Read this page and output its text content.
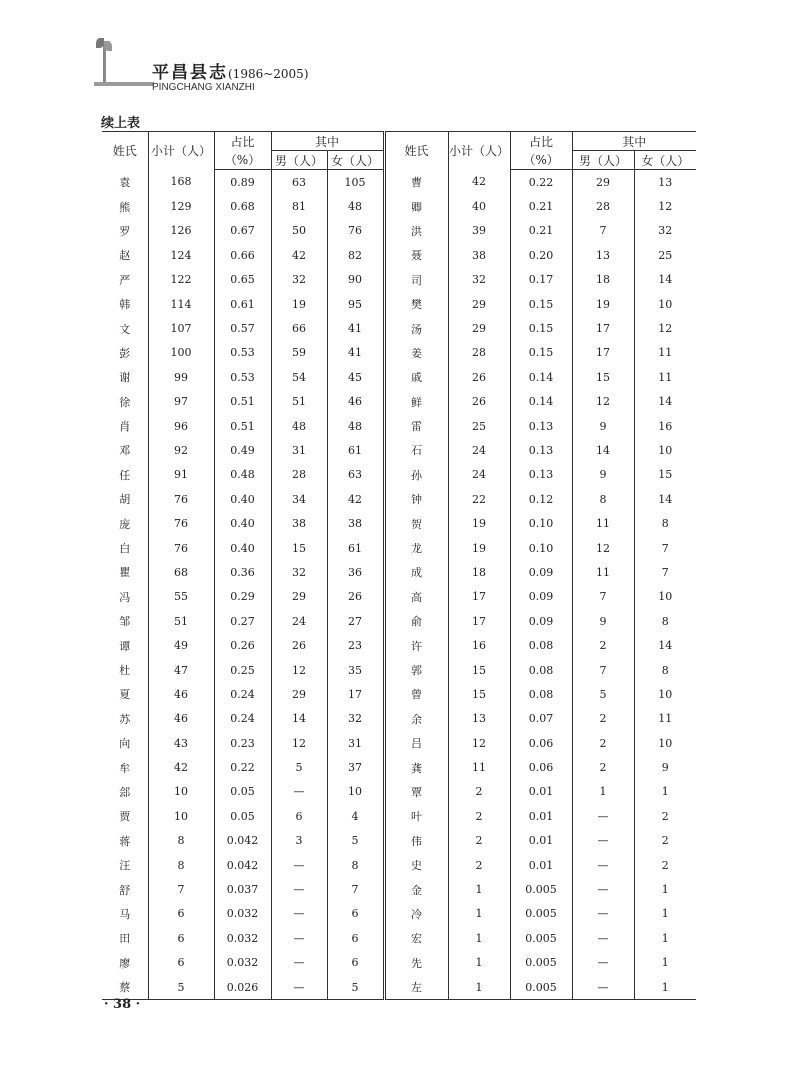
平昌县志(1986~2005)
PINGCHANG XIANZHI
续上表
姓氏	小计（人）	占比	其中		姓氏	小计（人）	占比	其中	
		（%）	男（人）	女（人）			（%）	男（人）	女（人）
袁	168	0.89	63	105	曹	42	0.22	29	13
熊	129	0.68	81	48	卿	40	0.21	28	12
罗	126	0.67	50	76	洪	39	0.21	7	32
赵	124	0.66	42	82	聂	38	0.20	13	25
严	122	0.65	32	90	司	32	0.17	18	14
韩	114	0.61	19	95	樊	29	0.15	19	10
文	107	0.57	66	41	汤	29	0.15	17	12
彭	100	0.53	59	41	姜	28	0.15	17	11
谢	99	0.53	54	45	戚	26	0.14	15	11
徐	97	0.51	51	46	鲜	26	0.14	12	14
肖	96	0.51	48	48	雷	25	0.13	9	16
邓	92	0.49	31	61	石	24	0.13	14	10
任	91	0.48	28	63	孙	24	0.13	9	15
胡	76	0.40	34	42	钟	22	0.12	8	14
庞	76	0.40	38	38	贺	19	0.10	11	8
白	76	0.40	15	61	龙	19	0.10	12	7
瞿	68	0.36	32	36	成	18	0.09	11	7
冯	55	0.29	29	26	高	17	0.09	7	10
邹	51	0.27	24	27	俞	17	0.09	9	8
谭	49	0.26	26	23	许	16	0.08	2	14
杜	47	0.25	12	35	郭	15	0.08	7	8
夏	46	0.24	29	17	曾	15	0.08	5	10
苏	46	0.24	14	32	余	13	0.07	2	11
向	43	0.23	12	31	吕	12	0.06	2	10
牟	42	0.22	5	37	龚	11	0.06	2	9
郐	10	0.05	—	10	覃	2	0.01	1	1
贾	10	0.05	6	4	叶	2	0.01	—	2
蒋	8	0.042	3	5	伟	2	0.01	—	2
汪	8	0.042	—	8	史	2	0.01	—	2
舒	7	0.037	—	7	金	1	0.005	—	1
马	6	0.032	—	6	冷	1	0.005	—	1
田	6	0.032	—	6	宏	1	0.005	—	1
廖	6	0.032	—	6	先	1	0.005	—	1
蔡	5	0.026	—	5	左	1	0.005	—	1
· 38 ·
